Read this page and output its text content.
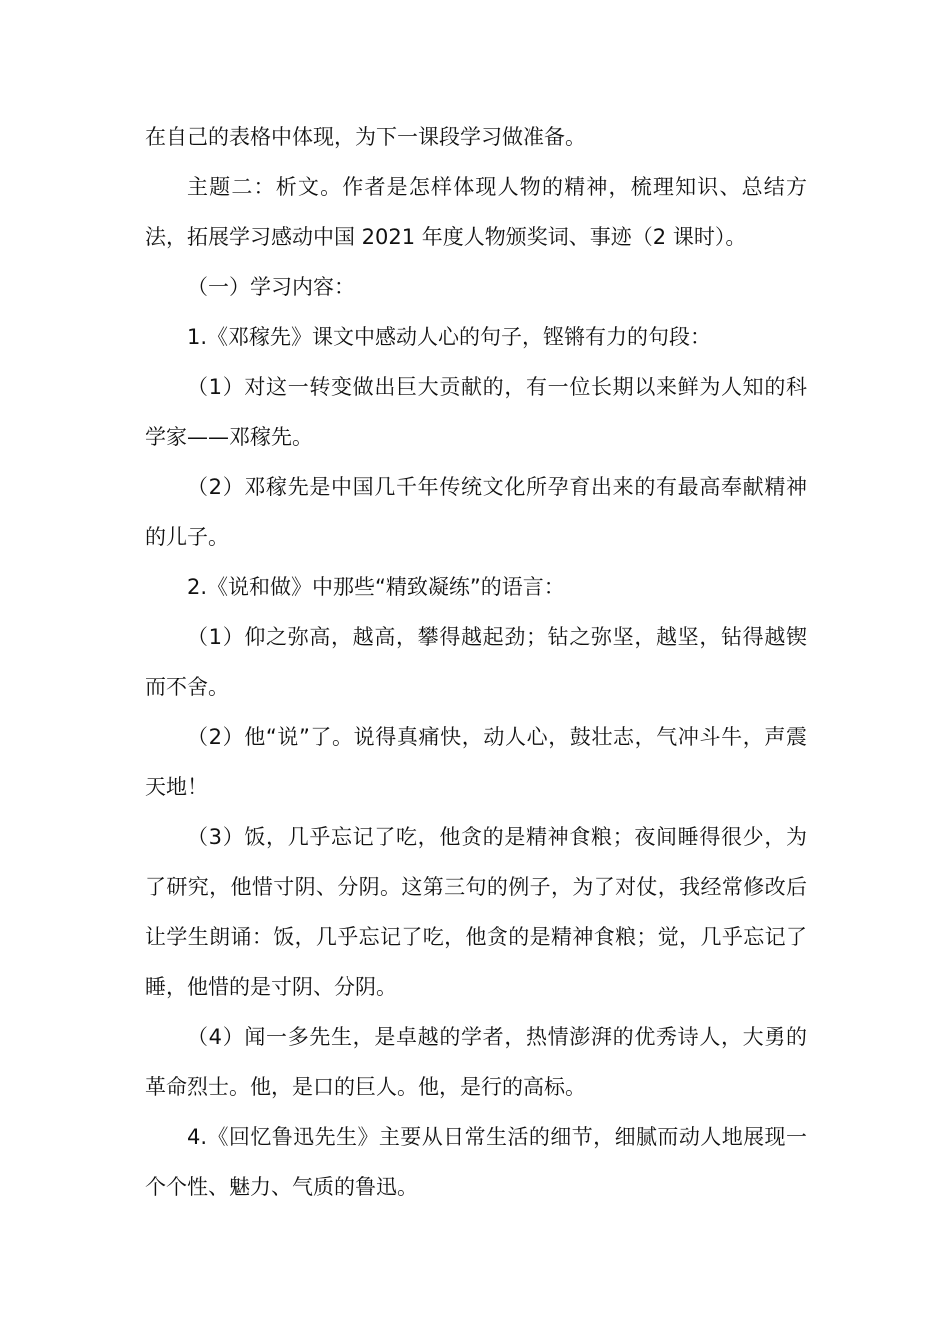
在自己的表格中体现，为下一课段学习做准备。

主题二：析文。作者是怎样体现人物的精神，梳理知识、总结方法，拓展学习感动中国 2021 年度人物颁奖词、事迹（2 课时）。

（一）学习内容：

1.《邓稼先》课文中感动人心的句子，铿锵有力的句段：

（1）对这一转变做出巨大贡献的，有一位长期以来鲜为人知的科学家——邓稼先。

（2）邓稼先是中国几千年传统文化所孕育出来的有最高奉献精神的儿子。

2.《说和做》中那些“精致凝练”的语言：

（1）仰之弥高，越高，攀得越起劲；钻之弥坚，越坚，钻得越锲而不舍。

（2）他“说”了。说得真痛快，动人心，鼓壮志，气冲斗牛，声震天地！

（3）饭，几乎忘记了吃，他贪的是精神食粮；夜间睡得很少，为了研究，他惜寸阴、分阴。这第三句的例子，为了对仗，我经常修改后让学生朗诵：饭，几乎忘记了吃，他贪的是精神食粮；觉，几乎忘记了睡，他惜的是寸阴、分阴。

（4）闻一多先生，是卓越的学者，热情澎湃的优秀诗人，大勇的革命烈士。他，是口的巨人。他，是行的高标。

4.《回忆鲁迅先生》主要从日常生活的细节，细腻而动人地展现一个个性、魅力、气质的鲁迅。
